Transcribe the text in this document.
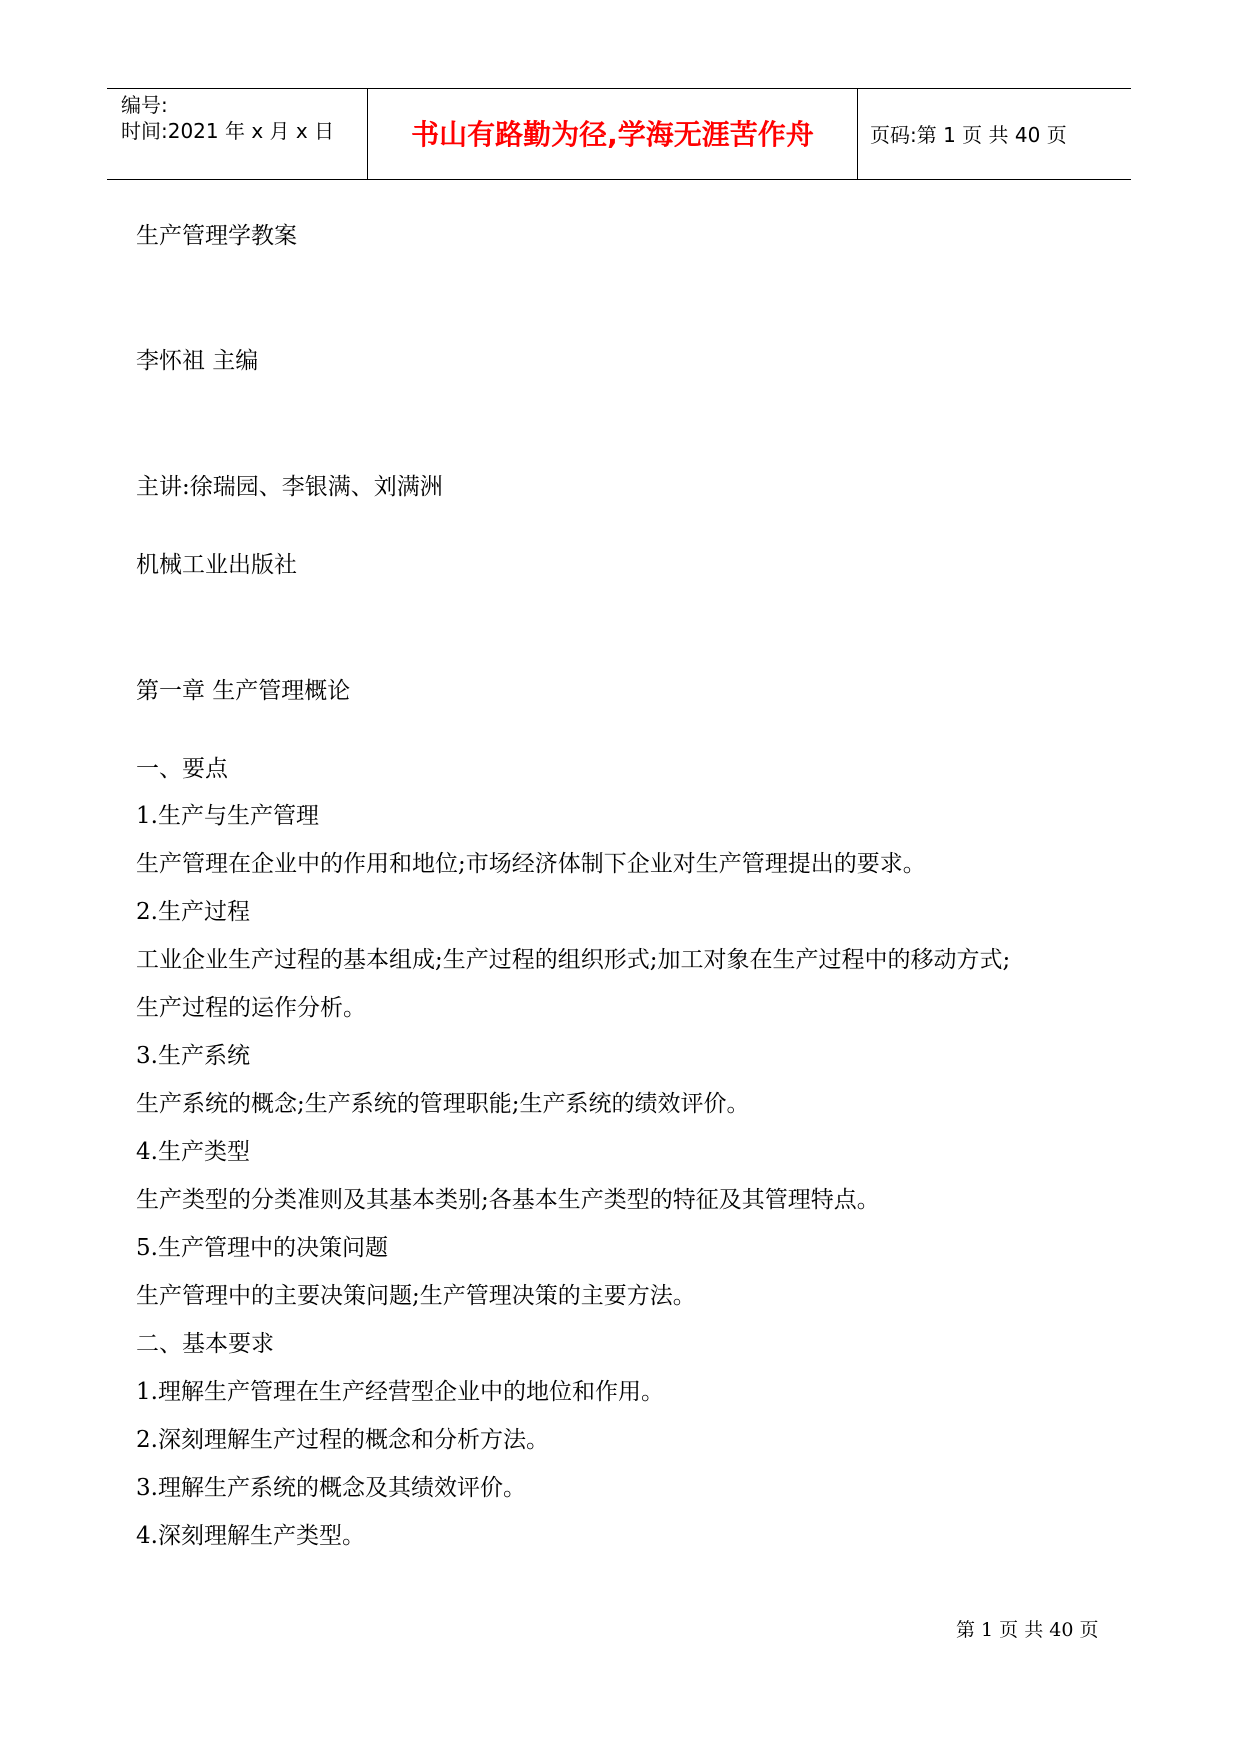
编号:
时间:2021 年 x 月 x 日	书山有路勤为径,学海无涯苦作舟	页码:第 1 页 共 40 页
生产管理学教案
李怀祖 主编
主讲:徐瑞园、李银满、刘满洲
机械工业出版社
第一章 生产管理概论
一、要点
1.生产与生产管理
生产管理在企业中的作用和地位;市场经济体制下企业对生产管理提出的要求。
2.生产过程
工业企业生产过程的基本组成;生产过程的组织形式;加工对象在生产过程中的移动方式;
生产过程的运作分析。
3.生产系统
生产系统的概念;生产系统的管理职能;生产系统的绩效评价。
4.生产类型
生产类型的分类准则及其基本类别;各基本生产类型的特征及其管理特点。
5.生产管理中的决策问题
生产管理中的主要决策问题;生产管理决策的主要方法。
二、基本要求
1.理解生产管理在生产经营型企业中的地位和作用。
2.深刻理解生产过程的概念和分析方法。
3.理解生产系统的概念及其绩效评价。
4.深刻理解生产类型。
第 1 页 共 40 页
